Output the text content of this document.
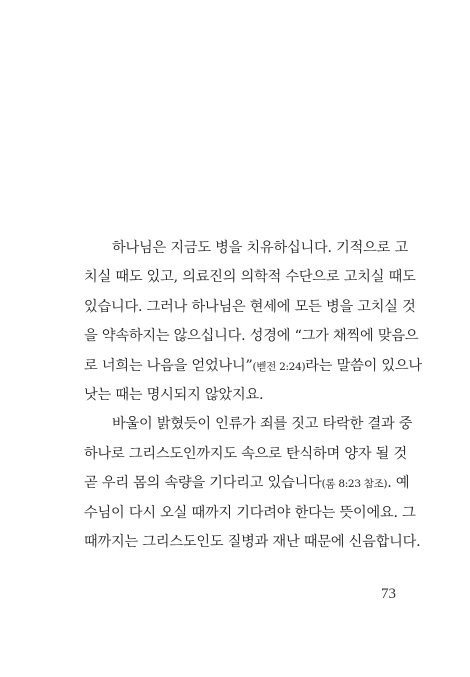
하나님은 지금도 병을 치유하십니다. 기적으로 고
치실 때도 있고, 의료진의 의학적 수단으로 고치실 때도
있습니다. 그러나 하나님은 현세에 모든 병을 고치실 것
을 약속하지는 않으십니다. 성경에 “그가 채찍에 맞음으
로 너희는 나음을 얻었나니”(벧전 2:24)라는 말씀이 있으나
낫는 때는 명시되지 않았지요.
바울이 밝혔듯이 인류가 죄를 짓고 타락한 결과 중
하나로 그리스도인까지도 속으로 탄식하며 양자 될 것
곧 우리 몸의 속량을 기다리고 있습니다(롬 8:23 참조). 예
수님이 다시 오실 때까지 기다려야 한다는 뜻이에요. 그
때까지는 그리스도인도 질병과 재난 때문에 신음합니다.
73
